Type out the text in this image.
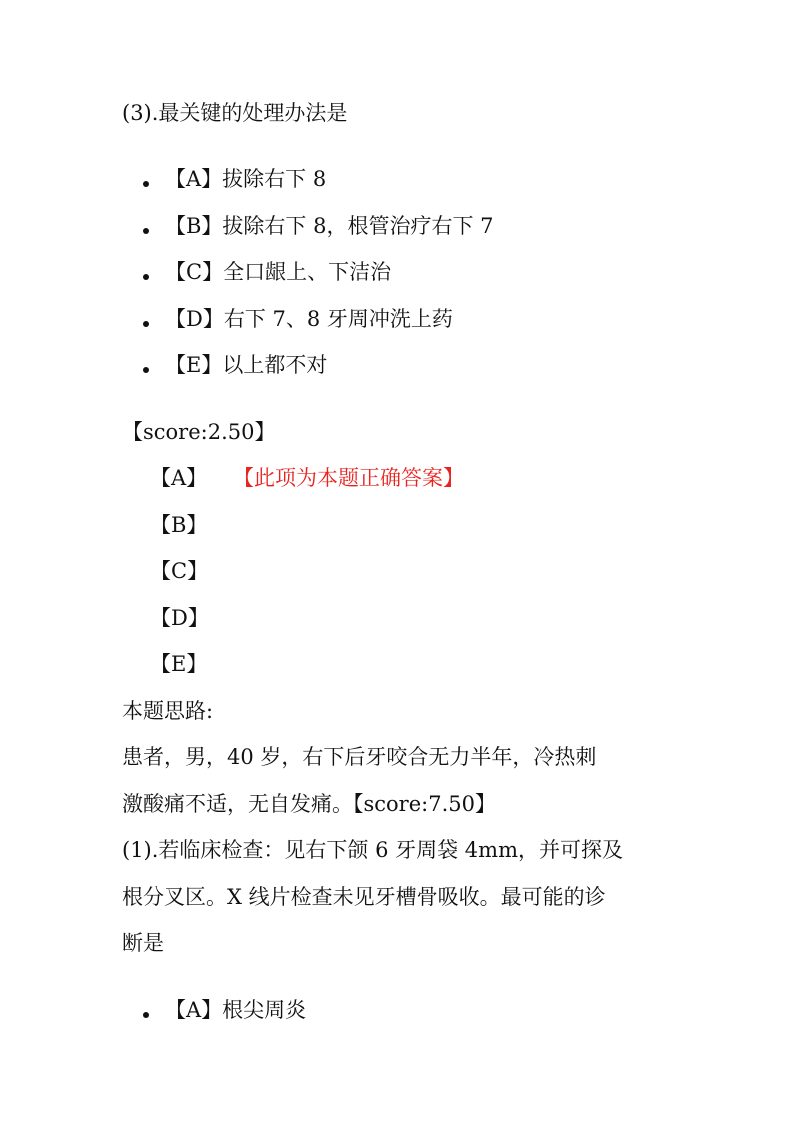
(3).最关键的处理办法是
【A】拔除右下 8
【B】拔除右下 8，根管治疗右下 7
【C】全口龈上、下洁治
【D】右下 7、8 牙周冲洗上药
【E】以上都不对
【score:2.50】
【A】 【此项为本题正确答案】
【B】
【C】
【D】
【E】
本题思路:
患者，男，40 岁，右下后牙咬合无力半年，冷热刺
激酸痛不适，无自发痛。【score:7.50】
(1).若临床检查：见右下颌 6 牙周袋 4mm，并可探及
根分叉区。X 线片检查未见牙槽骨吸收。最可能的诊
断是
【A】根尖周炎
